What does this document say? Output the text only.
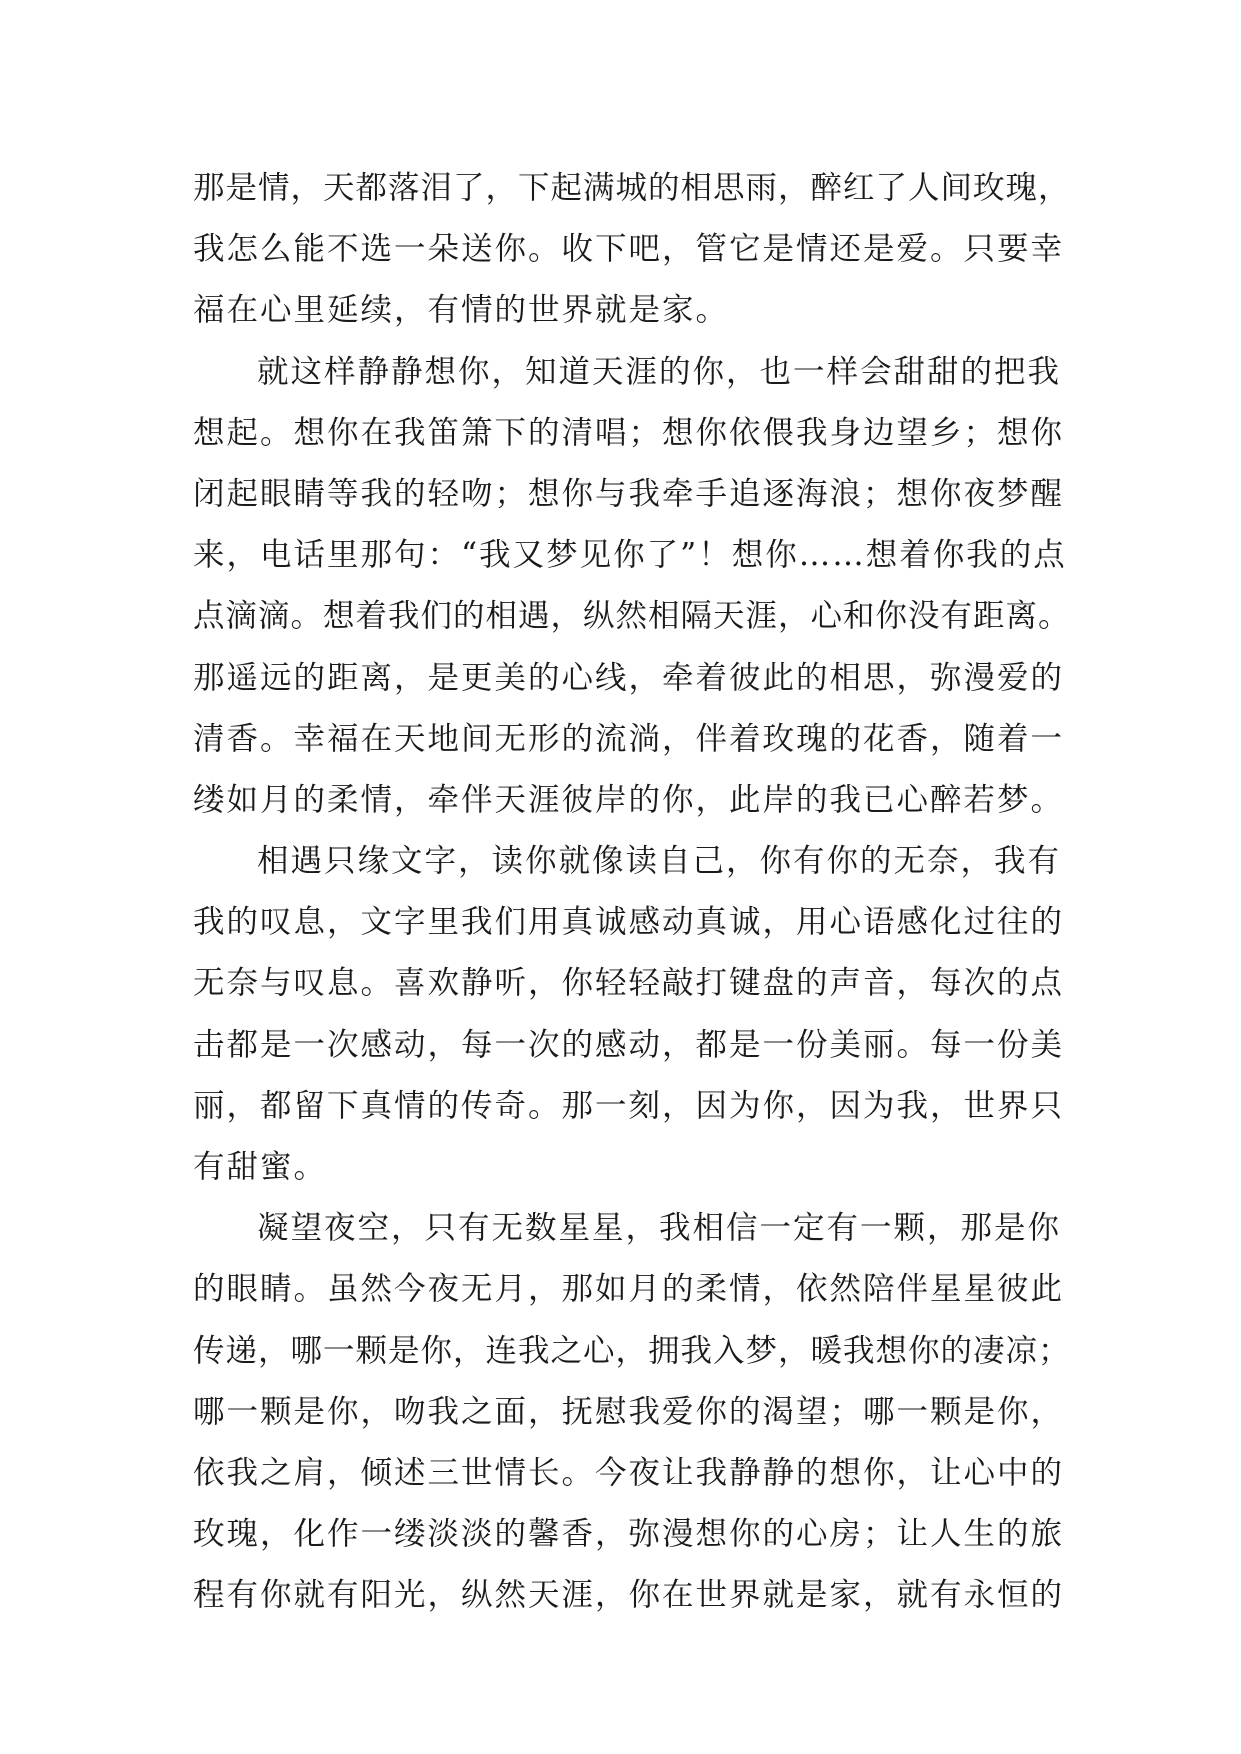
那是情，天都落泪了，下起满城的相思雨，醉红了人间玫瑰，
我怎么能不选一朵送你。收下吧，管它是情还是爱。只要幸
福在心里延续，有情的世界就是家。
就这样静静想你，知道天涯的你，也一样会甜甜的把我
想起。想你在我笛箫下的清唱；想你依偎我身边望乡；想你
闭起眼睛等我的轻吻；想你与我牵手追逐海浪；想你夜梦醒
来，电话里那句：“我又梦见你了”！想你……想着你我的点
点滴滴。想着我们的相遇，纵然相隔天涯，心和你没有距离。
那遥远的距离，是更美的心线，牵着彼此的相思，弥漫爱的
清香。幸福在天地间无形的流淌，伴着玫瑰的花香，随着一
缕如月的柔情，牵伴天涯彼岸的你，此岸的我已心醉若梦。
相遇只缘文字，读你就像读自己，你有你的无奈，我有
我的叹息，文字里我们用真诚感动真诚，用心语感化过往的
无奈与叹息。喜欢静听，你轻轻敲打键盘的声音，每次的点
击都是一次感动，每一次的感动，都是一份美丽。每一份美
丽，都留下真情的传奇。那一刻，因为你，因为我，世界只
有甜蜜。
凝望夜空，只有无数星星，我相信一定有一颗，那是你
的眼睛。虽然今夜无月，那如月的柔情，依然陪伴星星彼此
传递，哪一颗是你，连我之心，拥我入梦，暖我想你的凄凉；
哪一颗是你，吻我之面，抚慰我爱你的渴望；哪一颗是你，
依我之肩，倾述三世情长。今夜让我静静的想你，让心中的
玫瑰，化作一缕淡淡的馨香，弥漫想你的心房；让人生的旅
程有你就有阳光，纵然天涯，你在世界就是家，就有永恒的
